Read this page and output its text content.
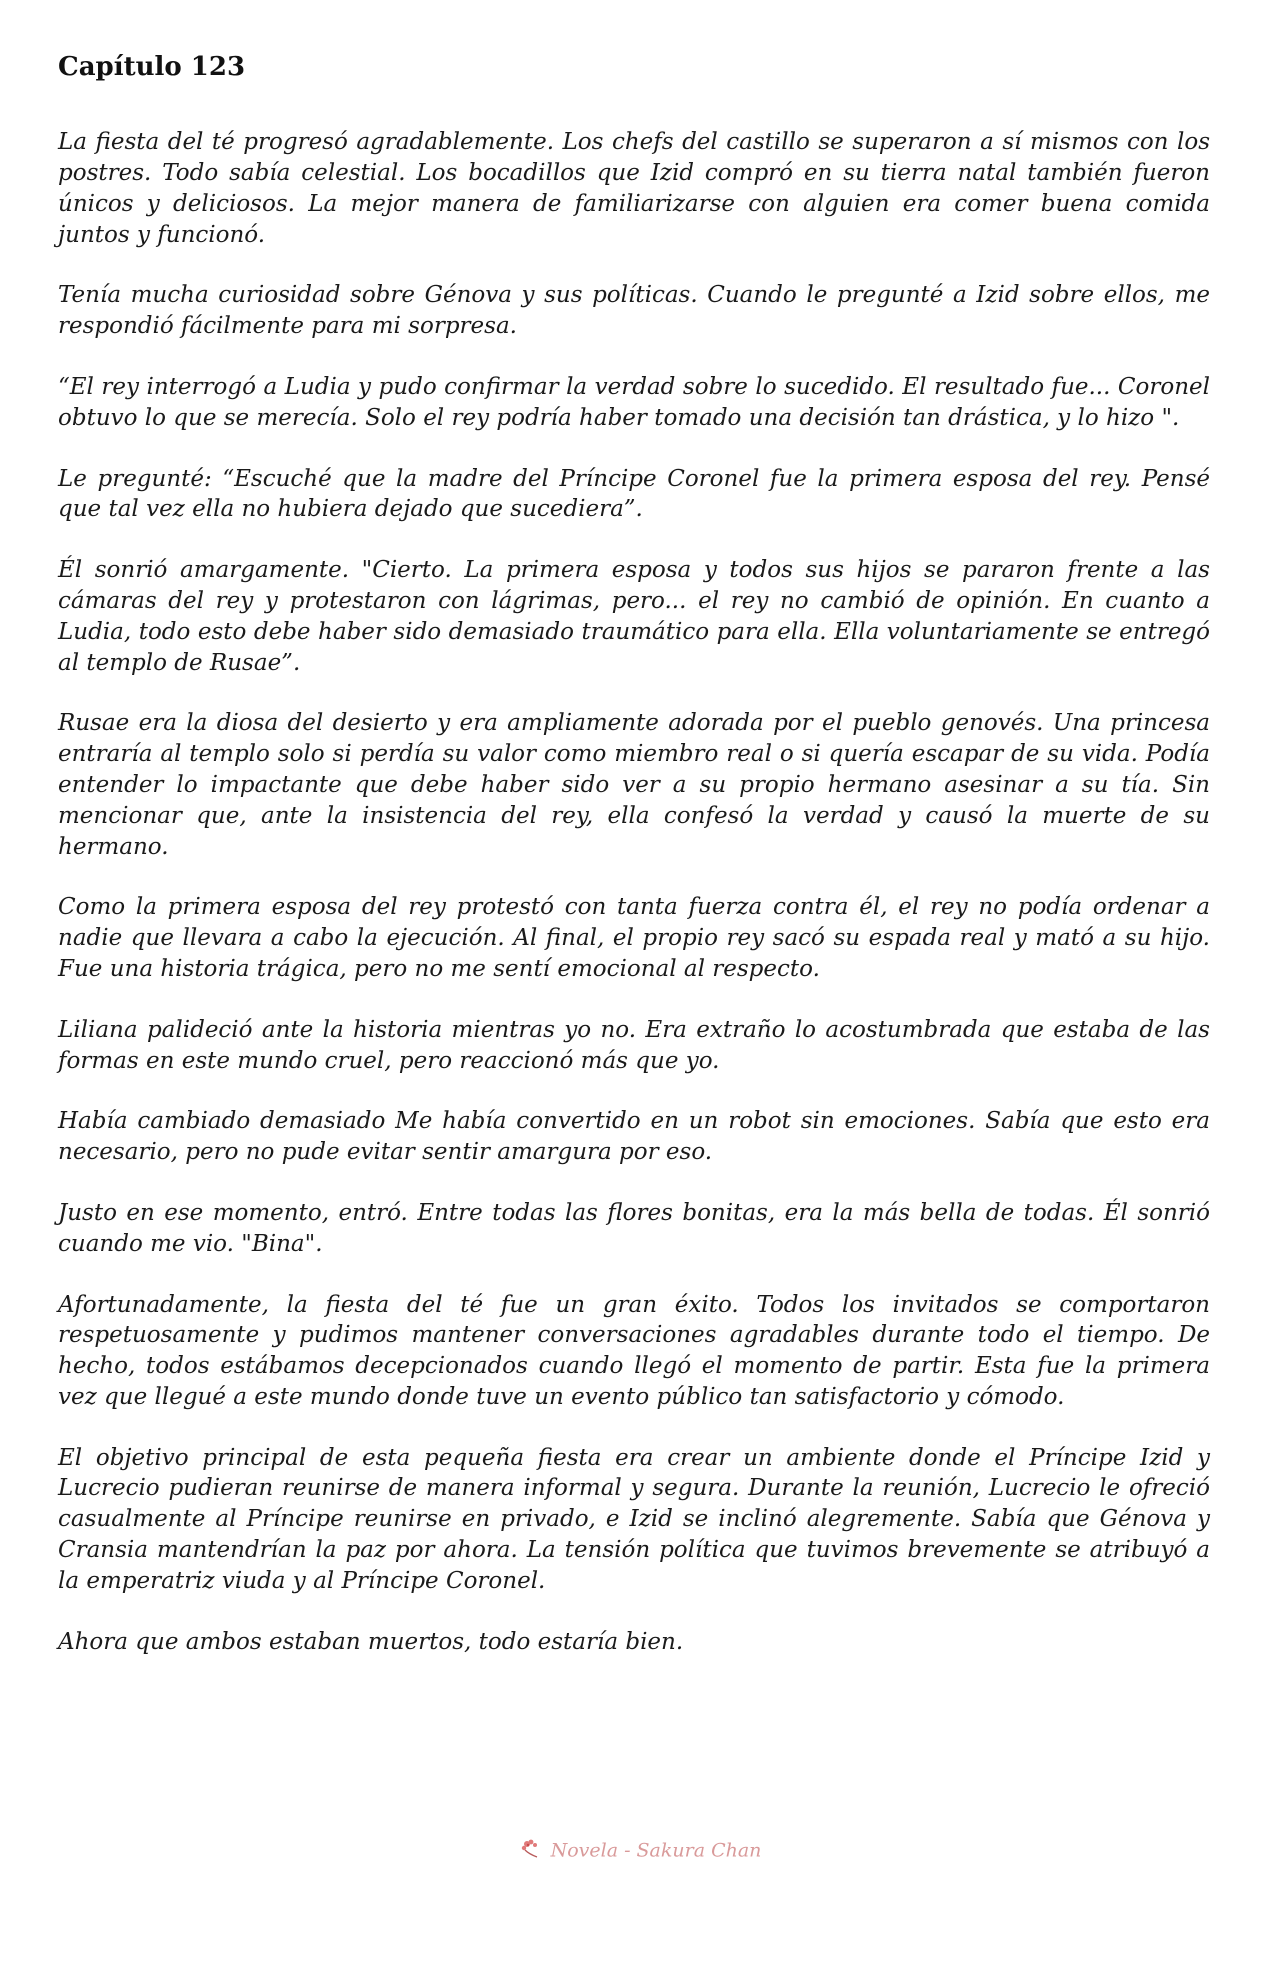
Capítulo 123

La fiesta del té progresó agradablemente. Los chefs del castillo se superaron a sí mismos con los postres. Todo sabía celestial. Los bocadillos que Izid compró en su tierra natal también fueron únicos y deliciosos. La mejor manera de familiarizarse con alguien era comer buena comida juntos y funcionó.

Tenía mucha curiosidad sobre Génova y sus políticas. Cuando le pregunté a Izid sobre ellos, me respondió fácilmente para mi sorpresa.

“El rey interrogó a Ludia y pudo confirmar la verdad sobre lo sucedido. El resultado fue... Coronel obtuvo lo que se merecía. Solo el rey podría haber tomado una decisión tan drástica, y lo hizo ".

Le pregunté: “Escuché que la madre del Príncipe Coronel fue la primera esposa del rey. Pensé que tal vez ella no hubiera dejado que sucediera”.

Él sonrió amargamente. "Cierto. La primera esposa y todos sus hijos se pararon frente a las cámaras del rey y protestaron con lágrimas, pero... el rey no cambió de opinión. En cuanto a Ludia, todo esto debe haber sido demasiado traumático para ella. Ella voluntariamente se entregó al templo de Rusae”.

Rusae era la diosa del desierto y era ampliamente adorada por el pueblo genovés. Una princesa entraría al templo solo si perdía su valor como miembro real o si quería escapar de su vida. Podía entender lo impactante que debe haber sido ver a su propio hermano asesinar a su tía. Sin mencionar que, ante la insistencia del rey, ella confesó la verdad y causó la muerte de su hermano.

Como la primera esposa del rey protestó con tanta fuerza contra él, el rey no podía ordenar a nadie que llevara a cabo la ejecución. Al final, el propio rey sacó su espada real y mató a su hijo. Fue una historia trágica, pero no me sentí emocional al respecto.

Liliana palideció ante la historia mientras yo no. Era extraño lo acostumbrada que estaba de las formas en este mundo cruel, pero reaccionó más que yo.

Había cambiado demasiado Me había convertido en un robot sin emociones. Sabía que esto era necesario, pero no pude evitar sentir amargura por eso.

Justo en ese momento, entró. Entre todas las flores bonitas, era la más bella de todas. Él sonrió cuando me vio. "Bina".

Afortunadamente, la fiesta del té fue un gran éxito. Todos los invitados se comportaron respetuosamente y pudimos mantener conversaciones agradables durante todo el tiempo. De hecho, todos estábamos decepcionados cuando llegó el momento de partir. Esta fue la primera vez que llegué a este mundo donde tuve un evento público tan satisfactorio y cómodo.

El objetivo principal de esta pequeña fiesta era crear un ambiente donde el Príncipe Izid y Lucrecio pudieran reunirse de manera informal y segura. Durante la reunión, Lucrecio le ofreció casualmente al Príncipe reunirse en privado, e Izid se inclinó alegremente. Sabía que Génova y Cransia mantendrían la paz por ahora. La tensión política que tuvimos brevemente se atribuyó a la emperatriz viuda y al Príncipe Coronel.

Ahora que ambos estaban muertos, todo estaría bien.

Novela - Sakura Chan
